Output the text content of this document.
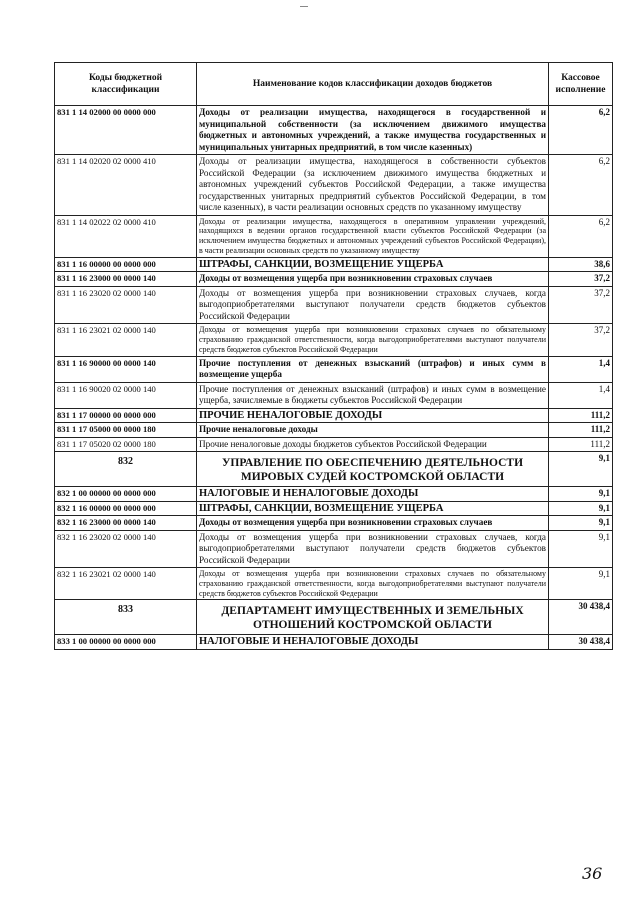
Коды бюджетной классификации	Наименование кодов классификации доходов бюджетов	Кассовое исполнение
831 1 14 02000 00 0000 000	Доходы от реализации имущества, находящегося в государственной и муниципальной собственности (за исключением движимого имущества бюджетных и автономных учреждений, а также имущества государственных и муниципальных унитарных предприятий, в том числе казенных)	6,2
831 1 14 02020 02 0000 410	Доходы от реализации имущества, находящегося в собственности субъектов Российской Федерации (за исключением движимого имущества бюджетных и автономных учреждений субъектов Российской Федерации, а также имущества государственных унитарных предприятий субъектов Российской Федерации, в том числе казенных), в части реализации основных средств по указанному имуществу	6,2
831 1 14 02022 02 0000 410	Доходы от реализации имущества, находящегося в оперативном управлении учреждений, находящихся в ведении органов государственной власти субъектов Российской Федерации (за исключением имущества бюджетных и автономных учреждений субъектов Российской Федерации), в части реализации основных средств по указанному имуществу	6,2
831 1 16 00000 00 0000 000	ШТРАФЫ, САНКЦИИ, ВОЗМЕЩЕНИЕ УЩЕРБА	38,6
831 1 16 23000 00 0000 140	Доходы от возмещения ущерба при возникновении страховых случаев	37,2
831 1 16 23020 02 0000 140	Доходы от возмещения ущерба при возникновении страховых случаев, когда выгодоприобретателями выступают получатели средств бюджетов субъектов Российской Федерации	37,2
831 1 16 23021 02 0000 140	Доходы от возмещения ущерба при возникновении страховых случаев по обязательному страхованию гражданской ответственности, когда выгодоприобретателями выступают получатели средств бюджетов субъектов Российской Федерации	37,2
831 1 16 90000 00 0000 140	Прочие поступления от денежных взысканий (штрафов) и иных сумм в возмещение ущерба	1,4
831 1 16 90020 02 0000 140	Прочие поступления от денежных взысканий (штрафов) и иных сумм в возмещение ущерба, зачисляемые в бюджеты субъектов Российской Федерации	1,4
831 1 17 00000 00 0000 000	ПРОЧИЕ НЕНАЛОГОВЫЕ ДОХОДЫ	111,2
831 1 17 05000 00 0000 180	Прочие неналоговые доходы	111,2
831 1 17 05020 02 0000 180	Прочие неналоговые доходы бюджетов субъектов Российской Федерации	111,2
832	УПРАВЛЕНИЕ ПО ОБЕСПЕЧЕНИЮ ДЕЯТЕЛЬНОСТИ МИРОВЫХ СУДЕЙ КОСТРОМСКОЙ ОБЛАСТИ	9,1
832 1 00 00000 00 0000 000	НАЛОГОВЫЕ И НЕНАЛОГОВЫЕ ДОХОДЫ	9,1
832 1 16 00000 00 0000 000	ШТРАФЫ, САНКЦИИ, ВОЗМЕЩЕНИЕ УЩЕРБА	9,1
832 1 16 23000 00 0000 140	Доходы от возмещения ущерба при возникновении страховых случаев	9,1
832 1 16 23020 02 0000 140	Доходы от возмещения ущерба при возникновении страховых случаев, когда выгодоприобретателями выступают получатели средств бюджетов субъектов Российской Федерации	9,1
832 1 16 23021 02 0000 140	Доходы от возмещения ущерба при возникновении страховых случаев по обязательному страхованию гражданской ответственности, когда выгодоприобретателями выступают получатели средств бюджетов субъектов Российской Федерации	9,1
833	ДЕПАРТАМЕНТ ИМУЩЕСТВЕННЫХ И ЗЕМЕЛЬНЫХ ОТНОШЕНИЙ КОСТРОМСКОЙ ОБЛАСТИ	30 438,4
833 1 00 00000 00 0000 000	НАЛОГОВЫЕ И НЕНАЛОГОВЫЕ ДОХОДЫ	30 438,4
36
